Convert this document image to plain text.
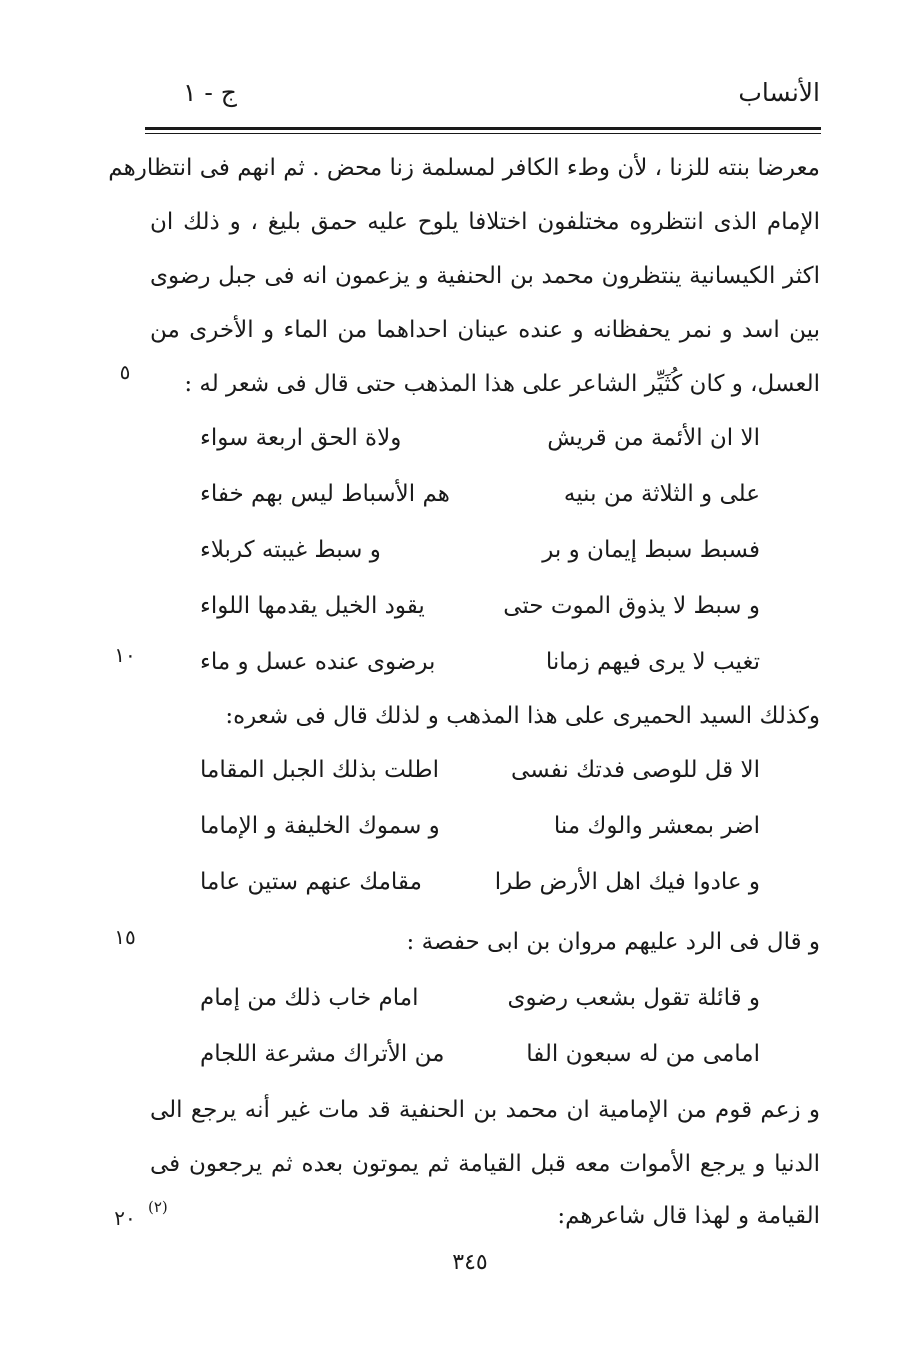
الأنساب
ج - ١
معرضا بنته للزنا ، لأن وطء الكافر لمسلمة زنا محض . ثم انهم فى انتظارهم
الإمام الذى انتظروه مختلفون اختلافا يلوح عليه حمق بليغ ، و ذلك ان
اكثر الكيسانية ينتظرون محمد بن الحنفية و يزعمون انه فى جبل رضوى
بين اسد و نمر يحفظانه و عنده عينان احداهما من الماء و الأخرى من
العسل، و كان كُثَيِّر الشاعر على هذا المذهب حتى قال فى شعر له :
الا ان الأئمة من قريش
ولاة الحق اربعة سواء
على و الثلاثة من بنيه
هم الأسباط ليس بهم خفاء
فسبط سبط إيمان و بر
و سبط غيبته كربلاء
و سبط لا يذوق الموت حتى
يقود الخيل يقدمها اللواء
تغيب لا يرى فيهم زمانا
برضوى عنده عسل و ماء
وكذلك السيد الحميرى على هذا المذهب و لذلك قال فى شعره:
الا قل للوصى فدتك نفسى
اطلت بذلك الجبل المقاما
اضر بمعشر والوك منا
و سموك الخليفة و الإماما
و عادوا فيك اهل الأرض طرا
مقامك عنهم ستين عاما
و قال فى الرد عليهم مروان بن ابى حفصة :
و قائلة تقول بشعب رضوى
امام خاب ذلك من إمام
امامى من له سبعون الفا
من الأتراك مشرعة اللجام
و زعم قوم من الإمامية ان محمد بن الحنفية قد مات غير أنه يرجع الى
الدنيا و يرجع الأموات معه قبل القيامة ثم يموتون بعده ثم يرجعون فى
القيامة و لهذا قال شاعرهم:
٥
١٠
١٥
٢٠ (٢)
٣٤٥
